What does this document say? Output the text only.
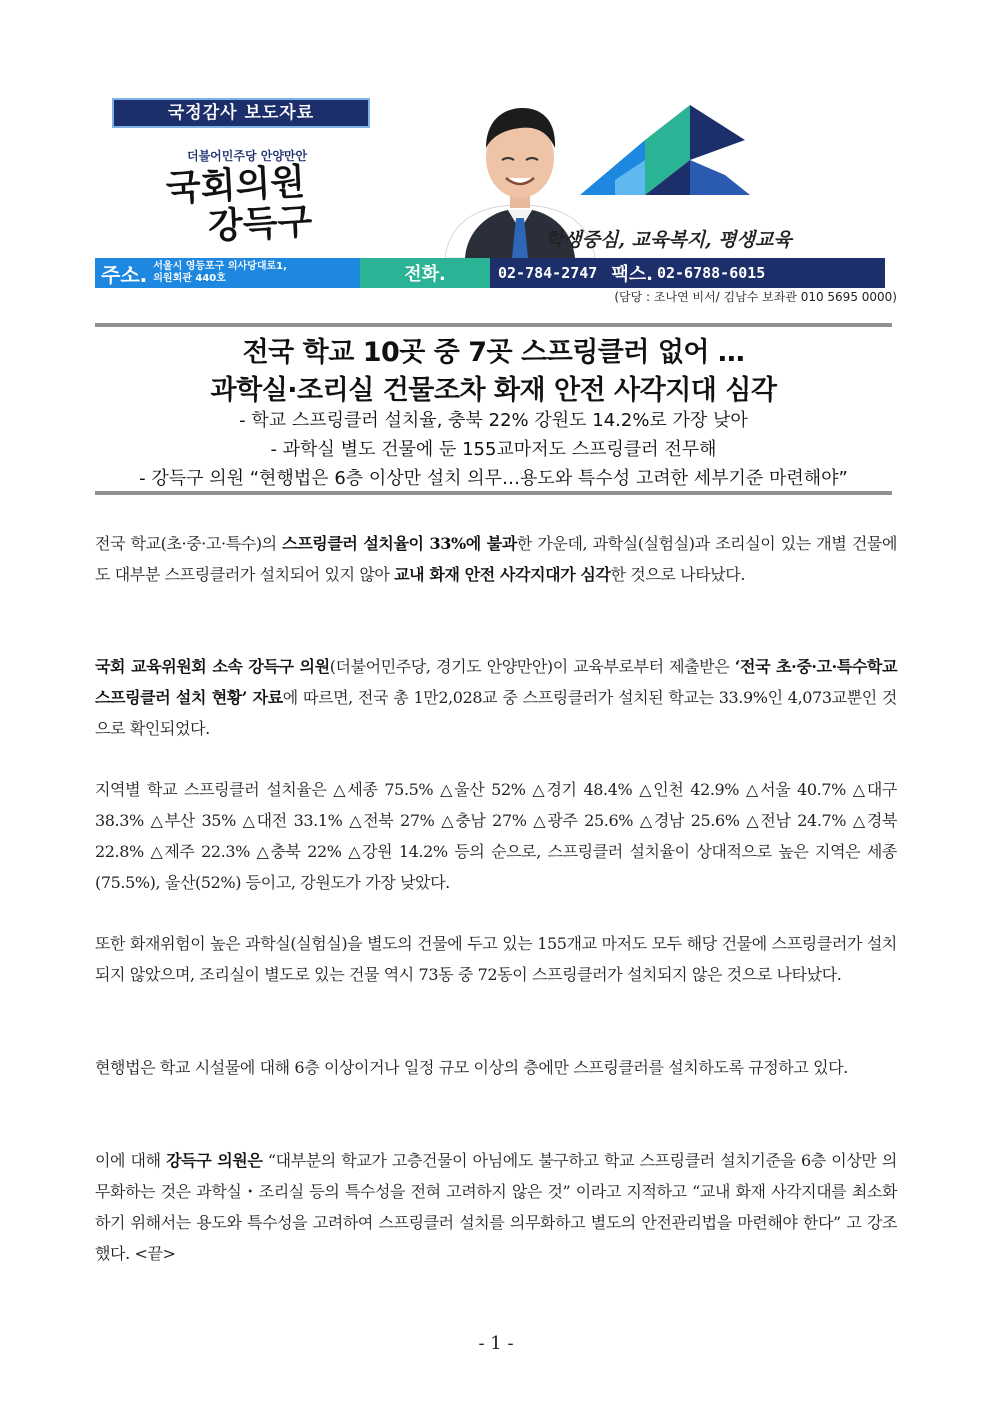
국정감사 보도자료
더불어민주당 안양만안
국회의원
강득구	학생중심, 교육복지, 평생교육
주소. 서울시 영등포구 의사당대로1,
의원회관 440호	전화.	02-784-2747 팩스. 02-6788-6015
(담당 : 조나연 비서/ 김남수 보좌관 010 5695 0000)
전국 학교 10곳 중 7곳 스프링클러 없어 …
과학실·조리실 건물조차 화재 안전 사각지대 심각
- 학교 스프링클러 설치율, 충북 22% 강원도 14.2%로 가장 낮아
- 과학실 별도 건물에 둔 155교마저도 스프링클러 전무해
- 강득구 의원 “현행법은 6층 이상만 설치 의무…용도와 특수성 고려한 세부기준 마련해야”
전국 학교(초·중·고·특수)의 스프링클러 설치율이 33%에 불과한 가운데, 과학실(실험실)과 조리실이 있는 개별 건물에도 대부분 스프링클러가 설치되어 있지 않아 교내 화재 안전 사각지대가 심각한 것으로 나타났다.
국회 교육위원회 소속 강득구 의원(더불어민주당, 경기도 안양만안)이 교육부로부터 제출받은 ‘전국 초·중·고·특수학교 스프링클러 설치 현황’ 자료에 따르면, 전국 총 1만2,028교 중 스프링클러가 설치된 학교는 33.9%인 4,073교뿐인 것으로 확인되었다.
지역별 학교 스프링클러 설치율은 △세종 75.5% △울산 52% △경기 48.4% △인천 42.9% △서울 40.7% △대구 38.3% △부산 35% △대전 33.1% △전북 27% △충남 27% △광주 25.6% △경남 25.6% △전남 24.7% △경북 22.8% △제주 22.3% △충북 22% △강원 14.2% 등의 순으로, 스프링클러 설치율이 상대적으로 높은 지역은 세종(75.5%), 울산(52%) 등이고, 강원도가 가장 낮았다.
또한 화재위험이 높은 과학실(실험실)을 별도의 건물에 두고 있는 155개교 마저도 모두 해당 건물에 스프링클러가 설치되지 않았으며, 조리실이 별도로 있는 건물 역시 73동 중 72동이 스프링클러가 설치되지 않은 것으로 나타났다.
현행법은 학교 시설물에 대해 6층 이상이거나 일정 규모 이상의 층에만 스프링클러를 설치하도록 규정하고 있다.
이에 대해 강득구 의원은 “대부분의 학교가 고층건물이 아님에도 불구하고 학교 스프링클러 설치기준을 6층 이상만 의무화하는 것은 과학실・조리실 등의 특수성을 전혀 고려하지 않은 것” 이라고 지적하고 “교내 화재 사각지대를 최소화하기 위해서는 용도와 특수성을 고려하여 스프링클러 설치를 의무화하고 별도의 안전관리법을 마련해야 한다” 고 강조했다. <끝>
- 1 -
